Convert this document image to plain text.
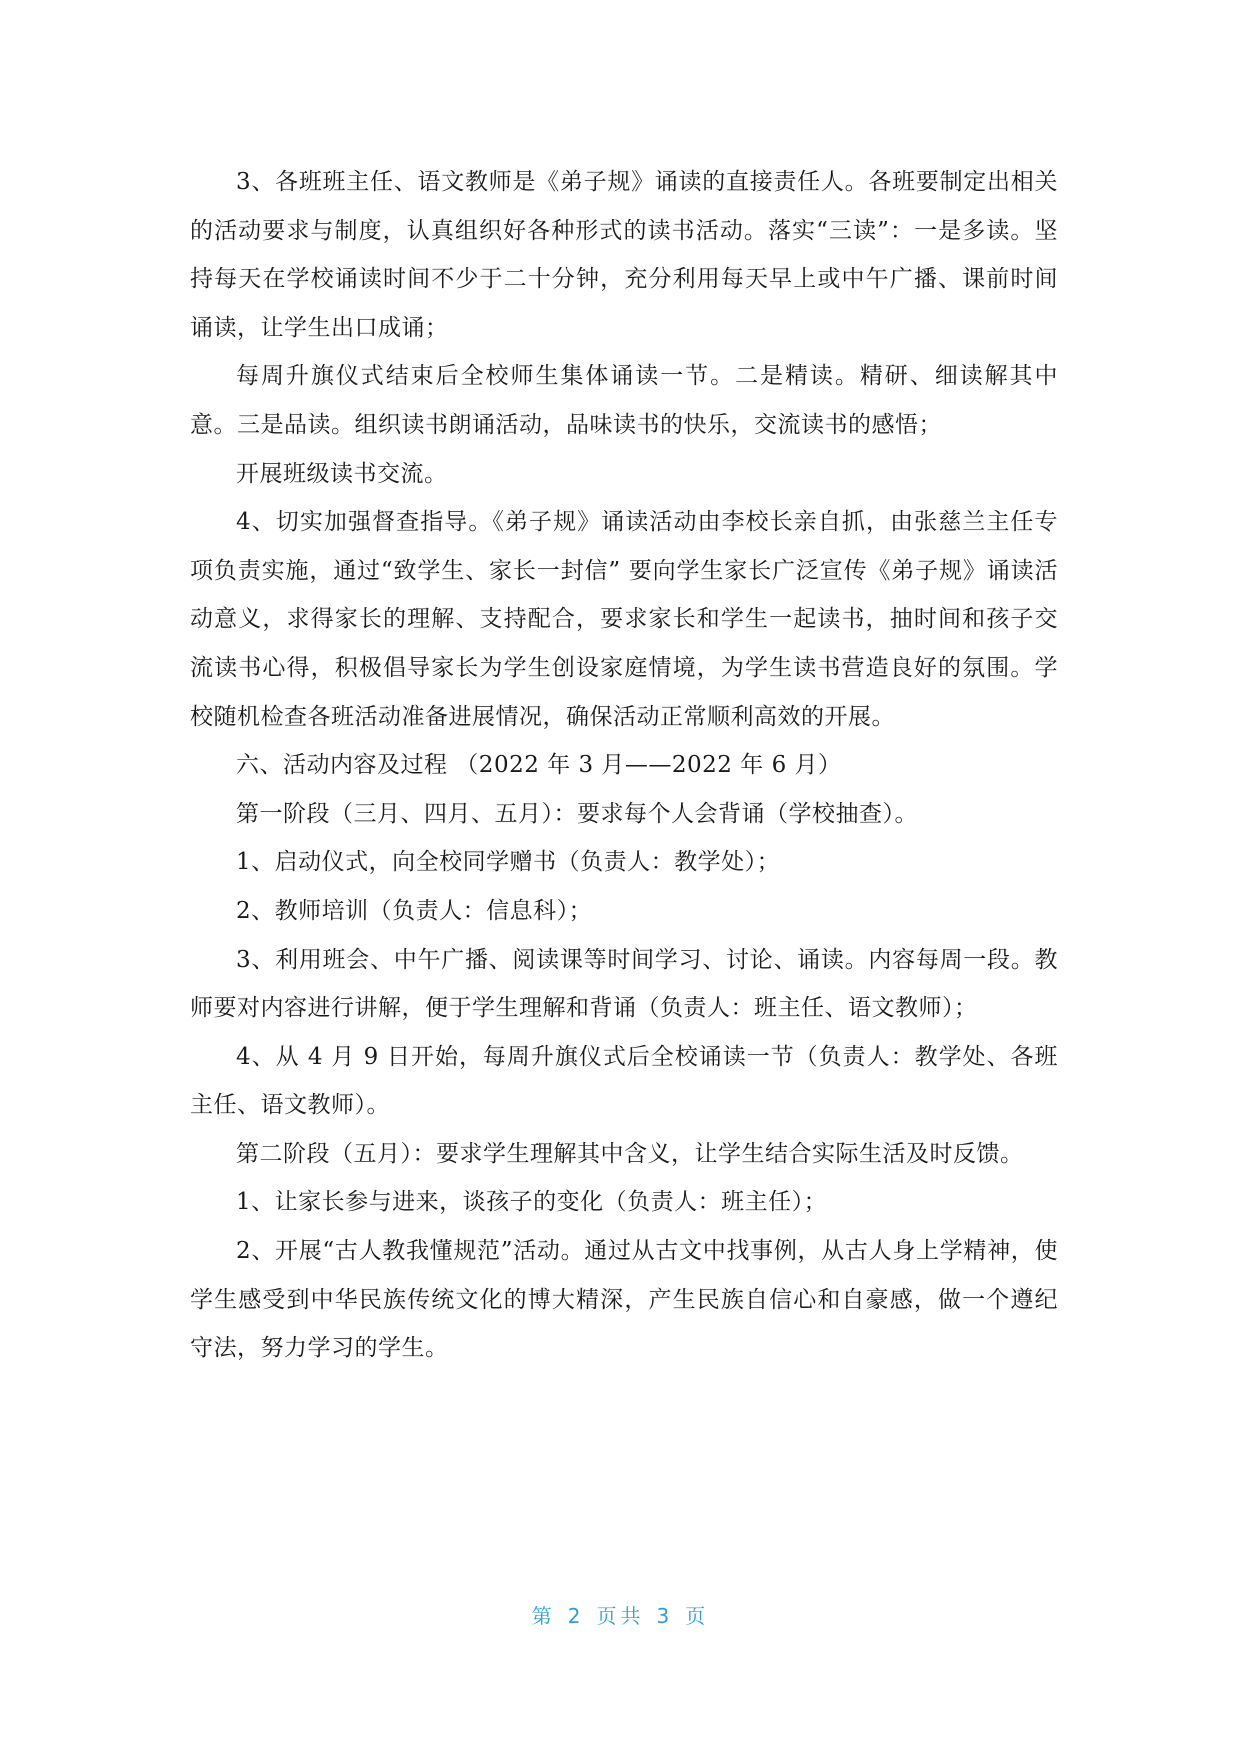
3、各班班主任、语文教师是《弟子规》诵读的直接责任人。各班要制定出相关的活动要求与制度，认真组织好各种形式的读书活动。落实“三读”：一是多读。坚持每天在学校诵读时间不少于二十分钟，充分利用每天早上或中午广播、课前时间诵读，让学生出口成诵；

每周升旗仪式结束后全校师生集体诵读一节。二是精读。精研、细读解其中意。三是品读。组织读书朗诵活动，品味读书的快乐，交流读书的感悟；

开展班级读书交流。

4、切实加强督查指导。《弟子规》诵读活动由李校长亲自抓，由张慈兰主任专项负责实施，通过“致学生、家长一封信” 要向学生家长广泛宣传《弟子规》诵读活动意义，求得家长的理解、支持配合，要求家长和学生一起读书，抽时间和孩子交流读书心得，积极倡导家长为学生创设家庭情境，为学生读书营造良好的氛围。学校随机检查各班活动准备进展情况，确保活动正常顺利高效的开展。

六、活动内容及过程 （2022 年 3 月——2022 年 6 月）

第一阶段（三月、四月、五月）：要求每个人会背诵（学校抽查）。

1、启动仪式，向全校同学赠书（负责人：教学处）；

2、教师培训（负责人：信息科）；

3、利用班会、中午广播、阅读课等时间学习、讨论、诵读。内容每周一段。教师要对内容进行讲解，便于学生理解和背诵（负责人：班主任、语文教师）；

4、从 4 月 9 日开始，每周升旗仪式后全校诵读一节（负责人：教学处、各班主任、语文教师）。

第二阶段（五月）：要求学生理解其中含义，让学生结合实际生活及时反馈。

1、让家长参与进来，谈孩子的变化（负责人：班主任）；

2、开展“古人教我懂规范”活动。通过从古文中找事例，从古人身上学精神，使学生感受到中华民族传统文化的博大精深，产生民族自信心和自豪感，做一个遵纪守法，努力学习的学生。

第 2 页共 3 页
